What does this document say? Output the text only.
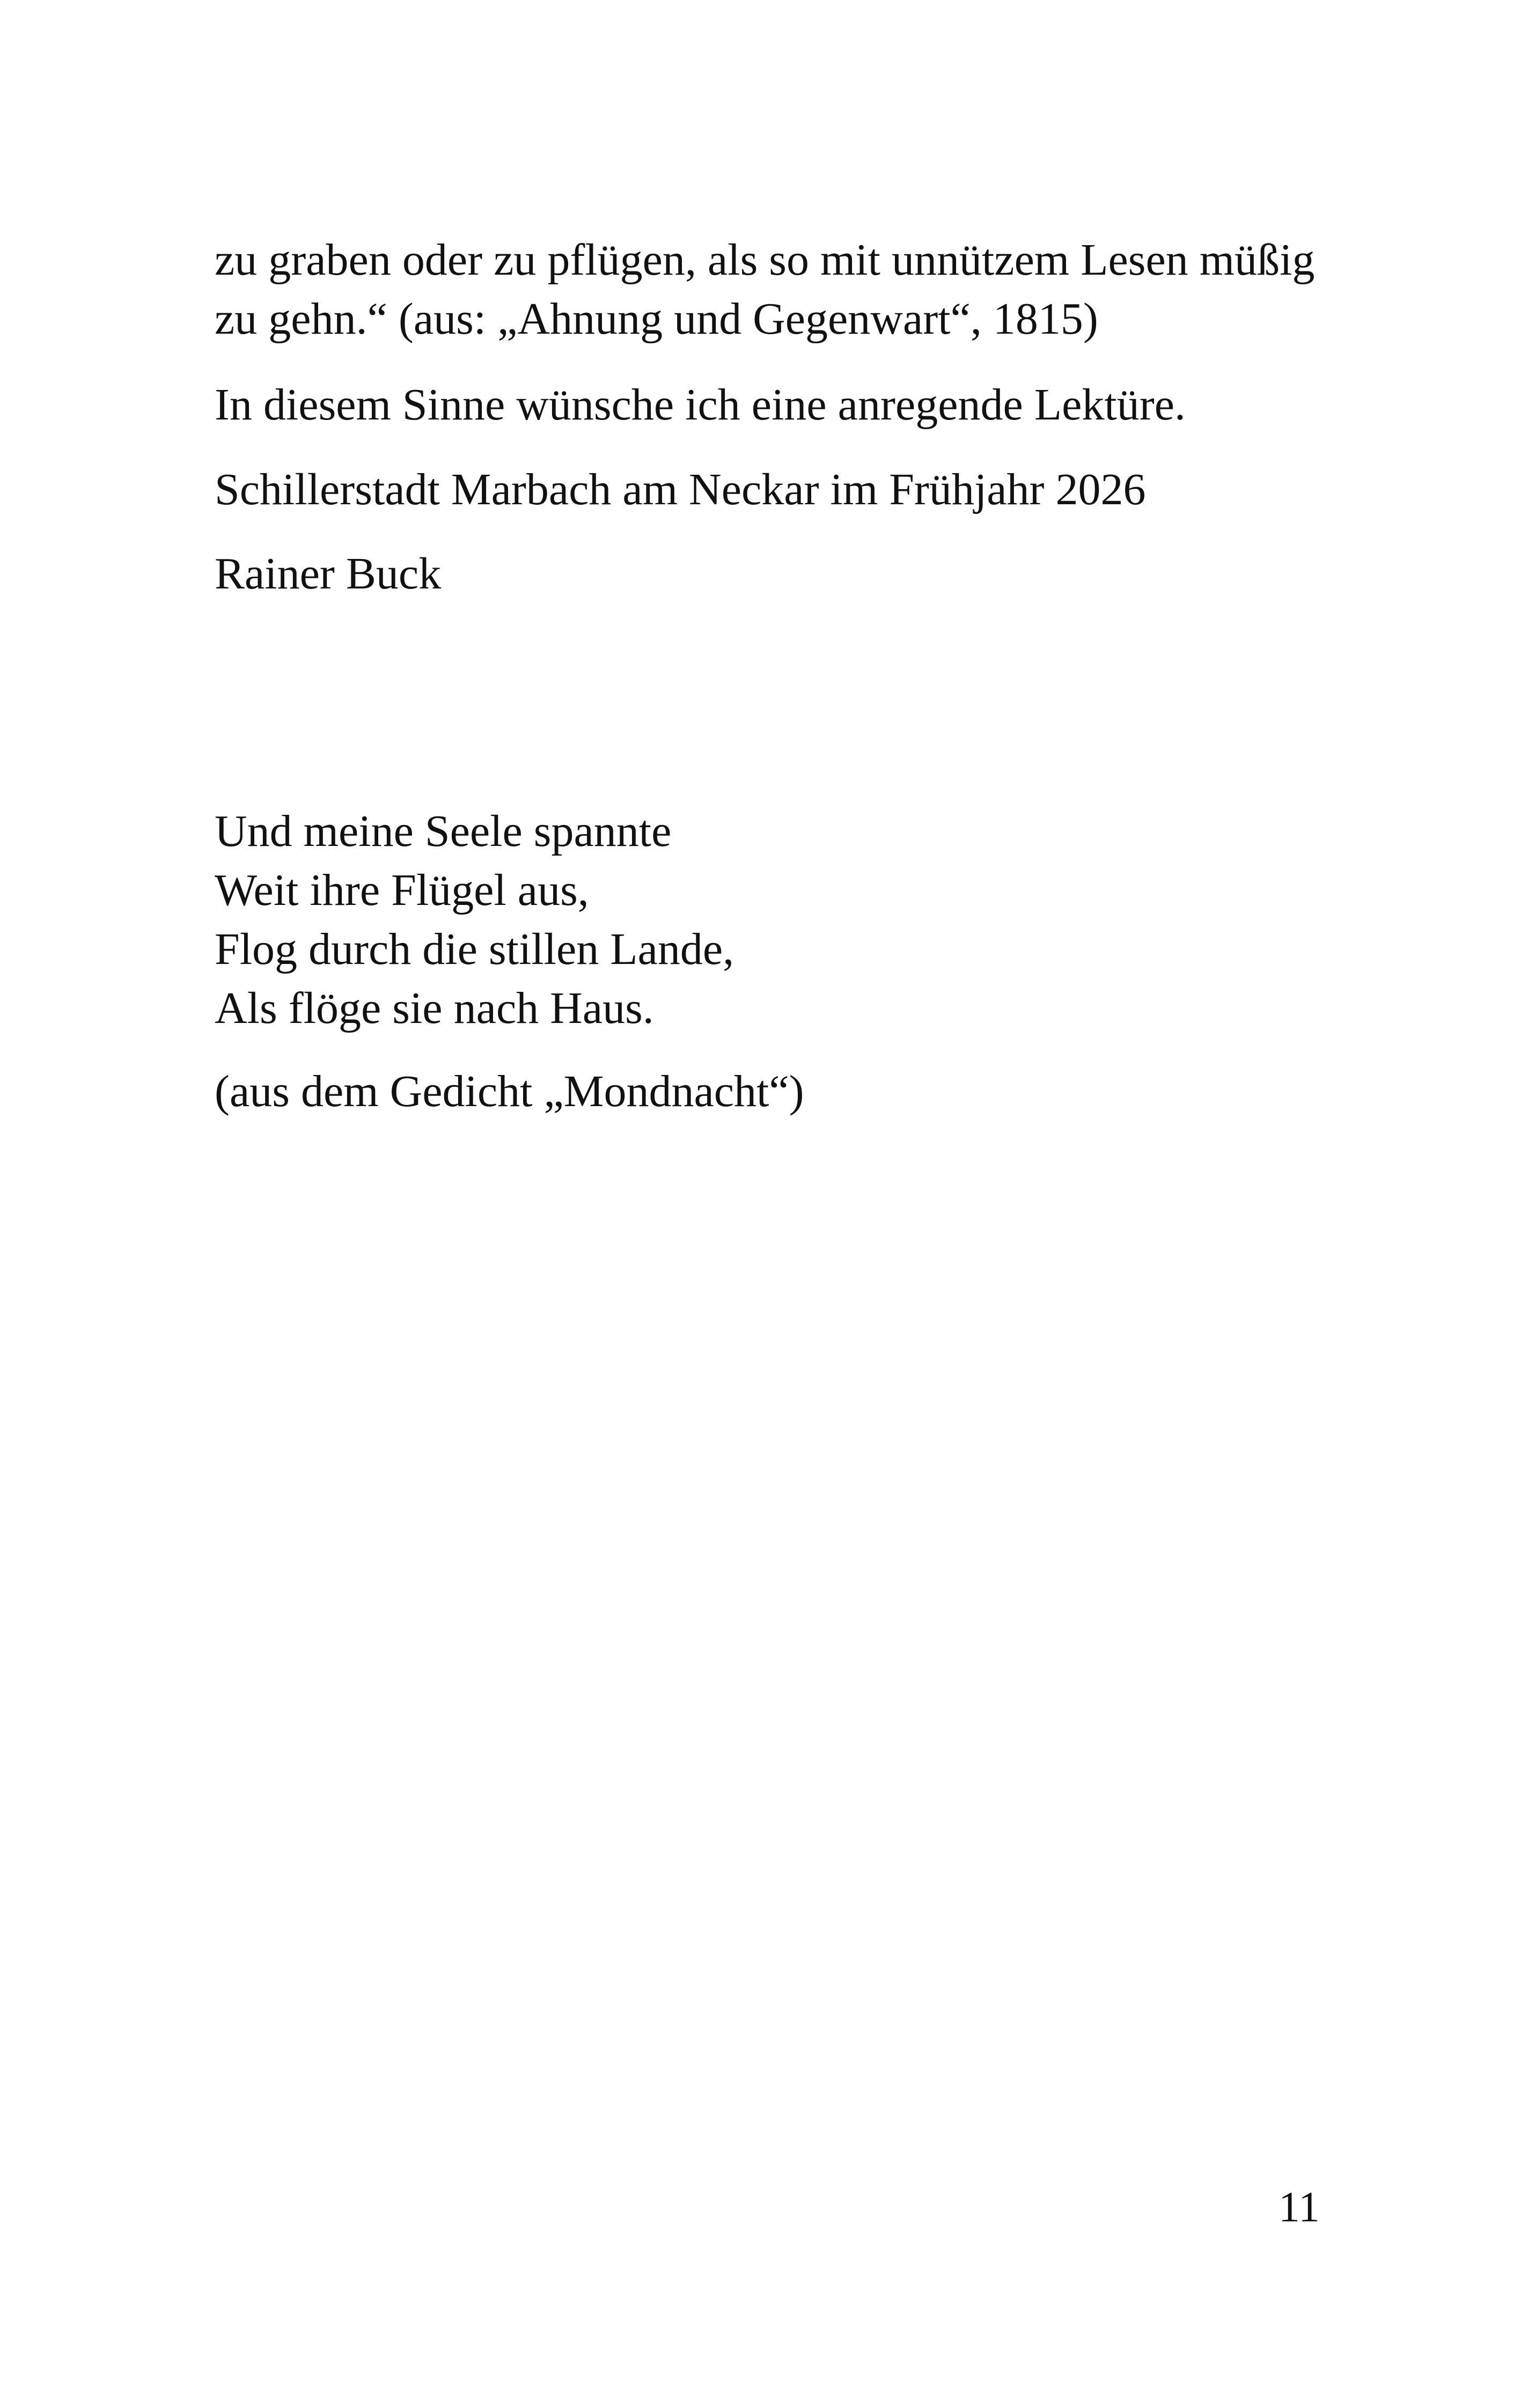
zu graben oder zu pflügen, als so mit unnützem Lesen müßig
zu gehn.“ (aus: „Ahnung und Gegenwart“, 1815)
In diesem Sinne wünsche ich eine anregende Lektüre.
Schillerstadt Marbach am Neckar im Frühjahr 2026
Rainer Buck
Und meine Seele spannte
Weit ihre Flügel aus,
Flog durch die stillen Lande,
Als flöge sie nach Haus.
(aus dem Gedicht „Mondnacht“)
11
